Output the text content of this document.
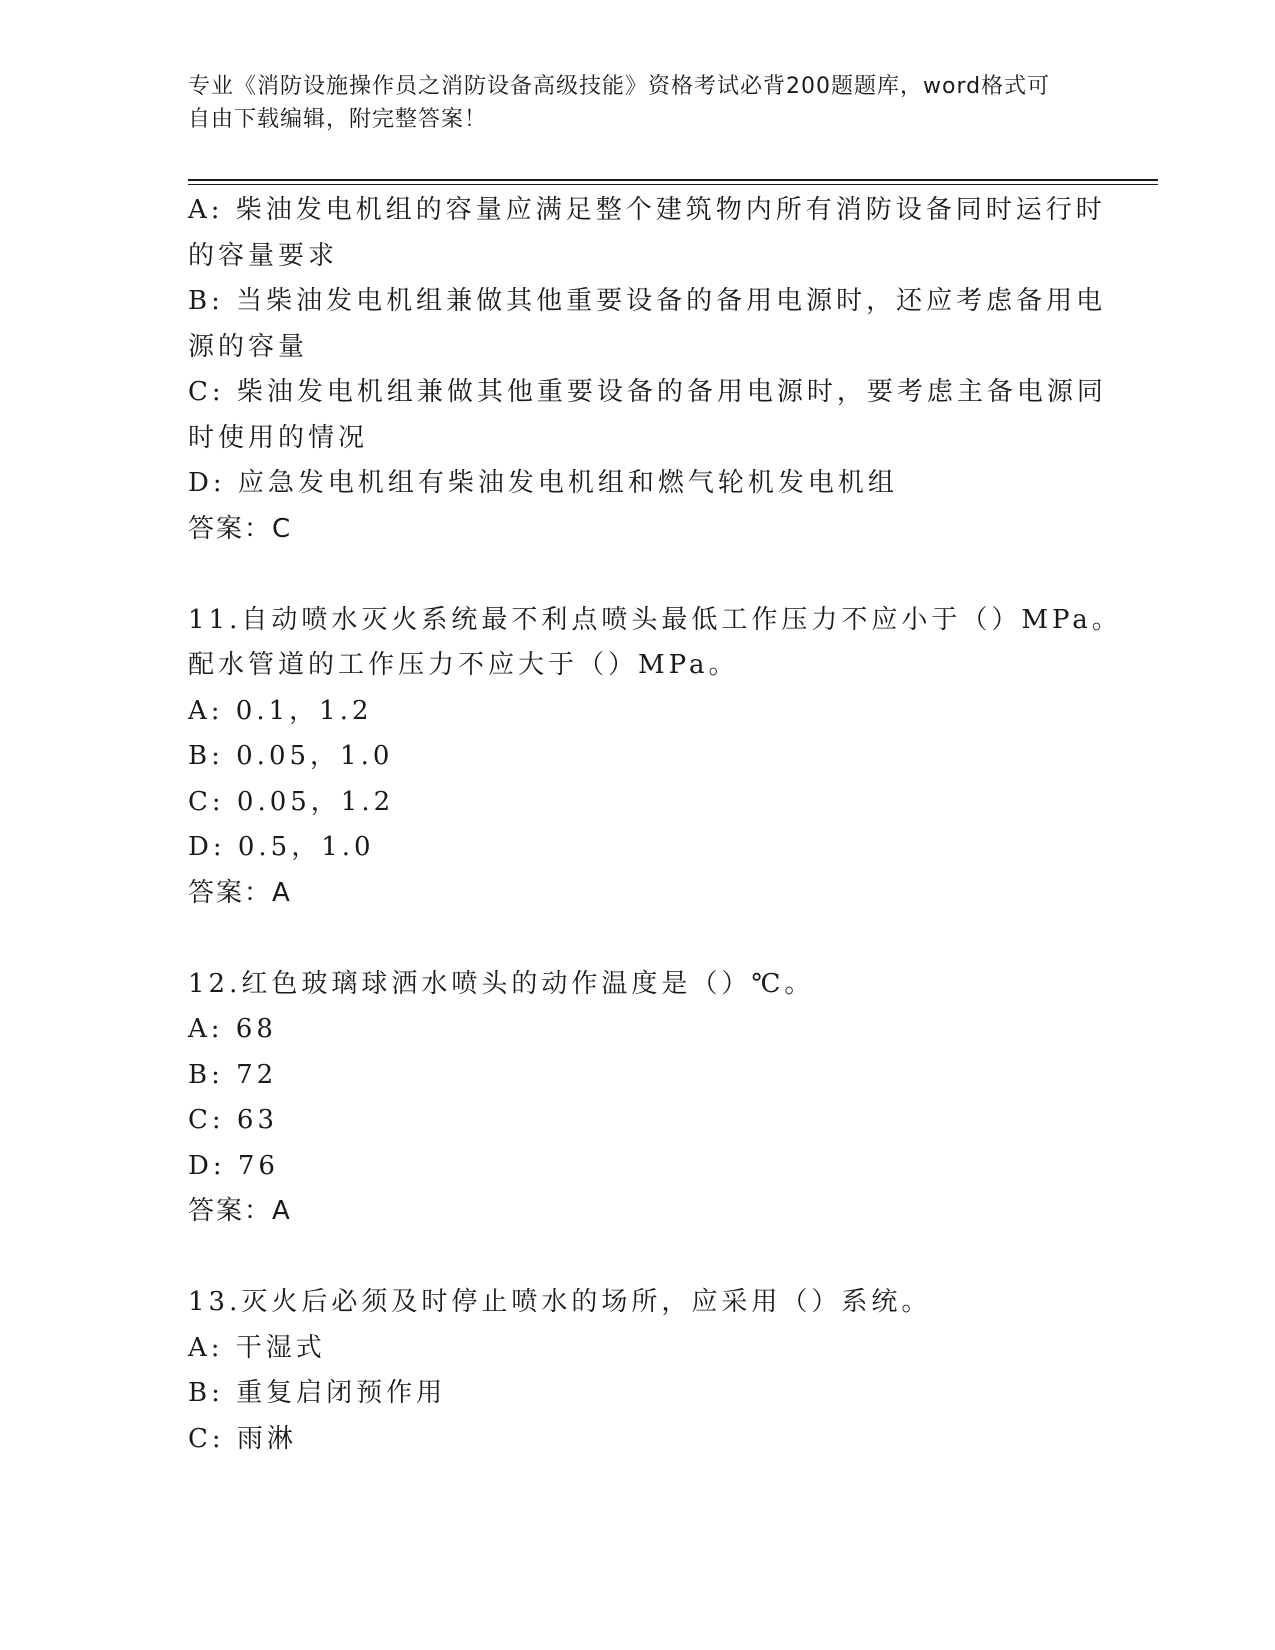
专业《消防设施操作员之消防设备高级技能》资格考试必背200题题库，word格式可自由下载编辑，附完整答案！
A: 柴油发电机组的容量应满足整个建筑物内所有消防设备同时运行时
的容量要求
B: 当柴油发电机组兼做其他重要设备的备用电源时，还应考虑备用电
源的容量
C: 柴油发电机组兼做其他重要设备的备用电源时，要考虑主备电源同
时使用的情况
D: 应急发电机组有柴油发电机组和燃气轮机发电机组
答案：C
11.自动喷水灭火系统最不利点喷头最低工作压力不应小于（）MPa。
配水管道的工作压力不应大于（）MPa。
A: 0.1，1.2
B: 0.05，1.0
C: 0.05，1.2
D: 0.5，1.0
答案：A
12.红色玻璃球洒水喷头的动作温度是（）℃。
A: 68
B: 72
C: 63
D: 76
答案：A
13.灭火后必须及时停止喷水的场所，应采用（）系统。
A: 干湿式
B: 重复启闭预作用
C: 雨淋
